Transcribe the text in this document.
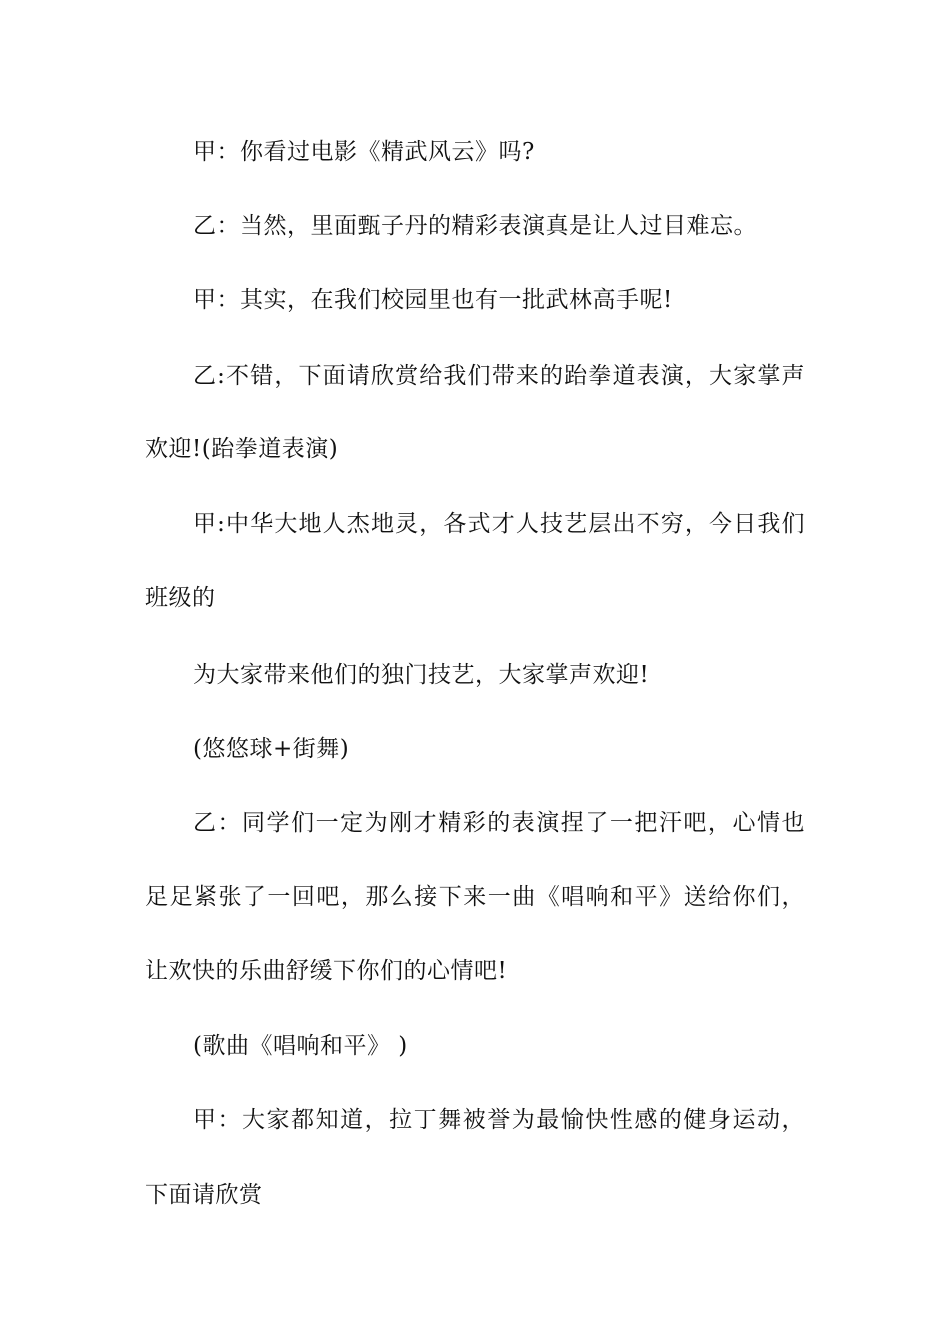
甲：你看过电影《精武风云》吗?
乙：当然，里面甄子丹的精彩表演真是让人过目难忘。
甲：其实，在我们校园里也有一批武林高手呢!
乙:不错，下面请欣赏给我们带来的跆拳道表演，大家掌声
欢迎!(跆拳道表演)
甲:中华大地人杰地灵，各式才人技艺层出不穷，今日我们
班级的
为大家带来他们的独门技艺，大家掌声欢迎!
(悠悠球+街舞)
乙：同学们一定为刚才精彩的表演捏了一把汗吧，心情也
足足紧张了一回吧，那么接下来一曲《唱响和平》送给你们，
让欢快的乐曲舒缓下你们的心情吧!
(歌曲《唱响和平》 )
甲：大家都知道，拉丁舞被誉为最愉快性感的健身运动，
下面请欣赏
